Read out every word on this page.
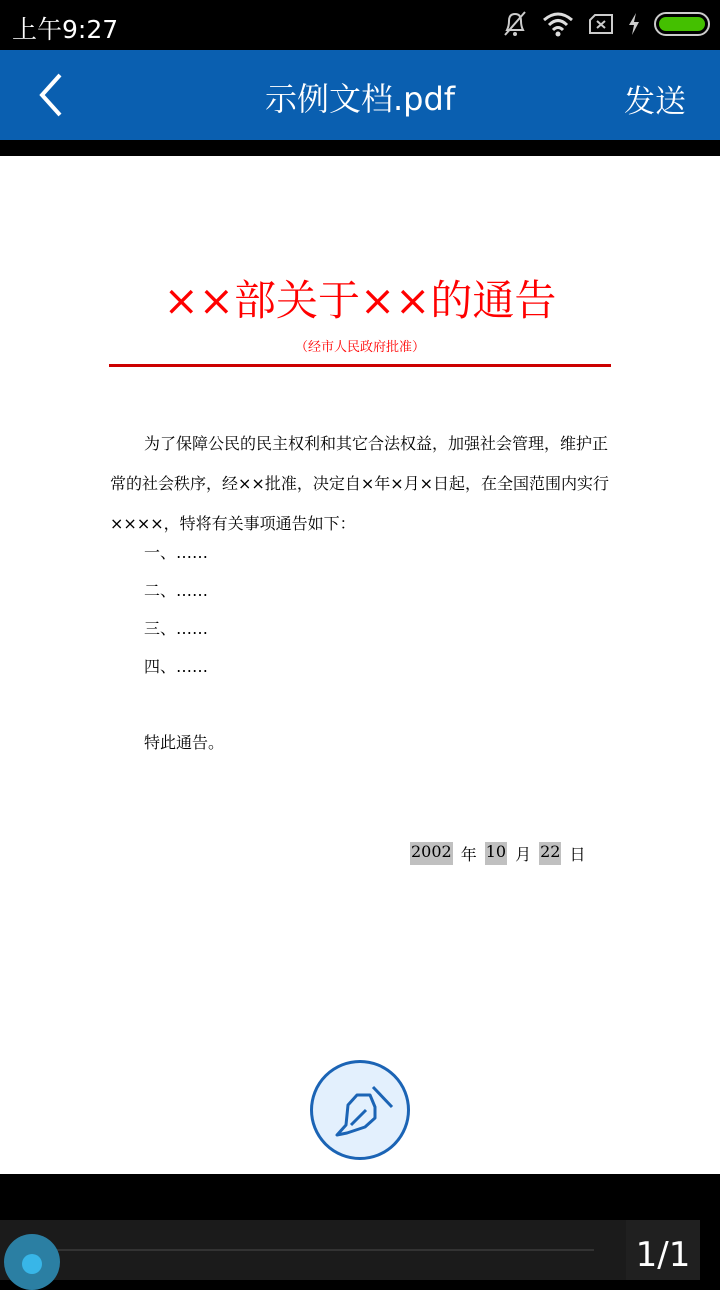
上午9:27
示例文档.pdf	发送
××部关于××的通告
（经市人民政府批准）
为了保障公民的民主权利和其它合法权益，加强社会管理，维护正常的社会秩序，经××批准，决定自×年×月×日起，在全国范围内实行××××，特将有关事项通告如下：
一、……
二、……
三、……
四、……
特此通告。
2002 年 10 月 22 日
1/1
